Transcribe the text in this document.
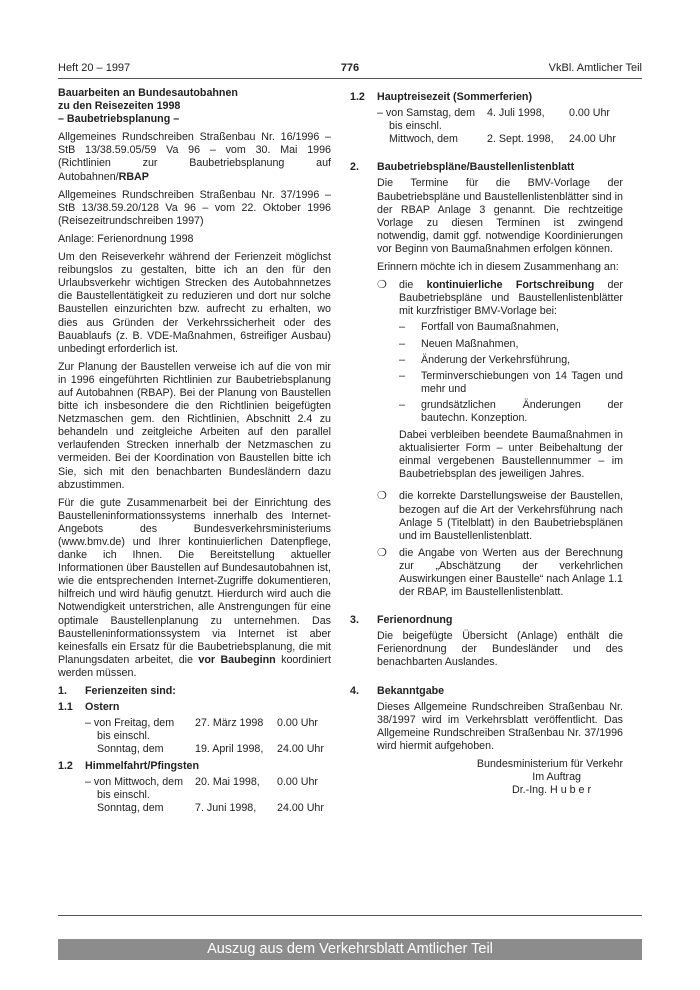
Heft 20 – 1997	776	VkBl. Amtlicher Teil
Bauarbeiten an Bundesautobahnen
zu den Reisezeiten 1998
– Baubetriebsplanung –

Allgemeines Rundschreiben Straßenbau Nr. 16/1996 – StB 13/38.59.05/59 Va 96 – vom 30. Mai 1996 (Richtlinien zur Baubetriebsplanung auf Autobahnen/RBAP

Allgemeines Rundschreiben Straßenbau Nr. 37/1996 – StB 13/38.59.20/128 Va 96 – vom 22. Oktober 1996 (Reisezeitrundschreiben 1997)

Anlage: Ferienordnung 1998

Um den Reiseverkehr während der Ferienzeit möglichst reibungslos zu gestalten, bitte ich an den für den Urlaubsverkehr wichtigen Strecken des Autobahnnetzes die Baustellentätigkeit zu reduzieren und dort nur solche Baustellen einzurichten bzw. aufrecht zu erhalten, wo dies aus Gründen der Verkehrssicherheit oder des Bauablaufs (z. B. VDE-Maßnahmen, 6streifiger Ausbau) unbedingt erforderlich ist.

Zur Planung der Baustellen verweise ich auf die von mir in 1996 eingeführten Richtlinien zur Baubetriebsplanung auf Autobahnen (RBAP). Bei der Planung von Baustellen bitte ich insbesondere die den Richtlinien beigefügten Netzmaschen gem. den Richtlinien, Abschnitt 2.4 zu behandeln und zeitgleiche Arbeiten auf den parallel verlaufenden Strecken innerhalb der Netzmaschen zu vermeiden. Bei der Koordination von Baustellen bitte ich Sie, sich mit den benachbarten Bundesländern dazu abzustimmen.

Für die gute Zusammenarbeit bei der Einrichtung des Baustelleninformationssystems innerhalb des Internet-Angebots des Bundesverkehrsministeriums (www.bmv.de) und Ihrer kontinuierlichen Datenpflege, danke ich Ihnen. Die Bereitstellung aktueller Informationen über Baustellen auf Bundesautobahnen ist, wie die entsprechenden Internet-Zugriffe dokumentieren, hilfreich und wird häufig genutzt. Hierdurch wird auch die Notwendigkeit unterstrichen, alle Anstrengungen für eine optimale Baustellenplanung zu unternehmen. Das Baustelleninformationssystem via Internet ist aber keinesfalls ein Ersatz für die Baubetriebsplanung, die mit Planungsdaten arbeitet, die vor Baubeginn koordiniert werden müssen.

1. Ferienzeiten sind:
1.1 Ostern
– von Freitag, dem	27. März 1998	0.00 Uhr
bis einschl.
Sonntag, dem	19. April 1998,	24.00 Uhr
1.2 Himmelfahrt/Pfingsten
– von Mittwoch, dem	20. Mai 1998,	0.00 Uhr
bis einschl.
Sonntag, dem	7. Juni 1998,	24.00 Uhr
1.2 Hauptreisezeit (Sommerferien)
– von Samstag, dem	4. Juli 1998,	0.00 Uhr
bis einschl.
Mittwoch, dem	2. Sept. 1998,	24.00 Uhr
2. Baubetriebspläne/Baustellenlistenblatt

Die Termine für die BMV-Vorlage der Baubetriebspläne und Baustellenlistenblätter sind in der RBAP Anlage 3 genannt. Die rechtzeitige Vorlage zu diesen Terminen ist zwingend notwendig, damit ggf. notwendige Koordinierungen vor Beginn von Baumaßnahmen erfolgen können.

Erinnern möchte ich in diesem Zusammenhang an:

❍	die kontinuierliche Fortschreibung der Baubetriebspläne und Baustellenlistenblätter mit kurzfristiger BMV-Vorlage bei:
–	Fortfall von Baumaßnahmen,
–	Neuen Maßnahmen,
–	Änderung der Verkehrsführung,
–	Terminverschiebungen von 14 Tagen und mehr und
–	grundsätzlichen Änderungen der bautechn. Konzeption.

Dabei verbleiben beendete Baumaßnahmen in aktualisierter Form – unter Beibehaltung der einmal vergebenen Baustellennummer – im Baubetriebsplan des jeweiligen Jahres.

❍	die korrekte Darstellungsweise der Baustellen, bezogen auf die Art der Verkehrsführung nach Anlage 5 (Titelblatt) in den Baubetriebsplänen und im Baustellenlistenblatt.
❍	die Angabe von Werten aus der Berechnung zur „Abschätzung der verkehrlichen Auswirkungen einer Baustelle“ nach Anlage 1.1 der RBAP, im Baustellenlistenblatt.
3. Ferienordnung

Die beigefügte Übersicht (Anlage) enthält die Ferienordnung der Bundesländer und des benachbarten Auslandes.

4. Bekanntgabe

Dieses Allgemeine Rundschreiben Straßenbau Nr. 38/1997 wird im Verkehrsblatt veröffentlicht. Das Allgemeine Rundschreiben Straßenbau Nr. 37/1996 wird hiermit aufgehoben.

Bundesministerium für Verkehr

Im Auftrag

Dr.-Ing. H u b e r

Auszug aus dem Verkehrsblatt Amtlicher Teil
